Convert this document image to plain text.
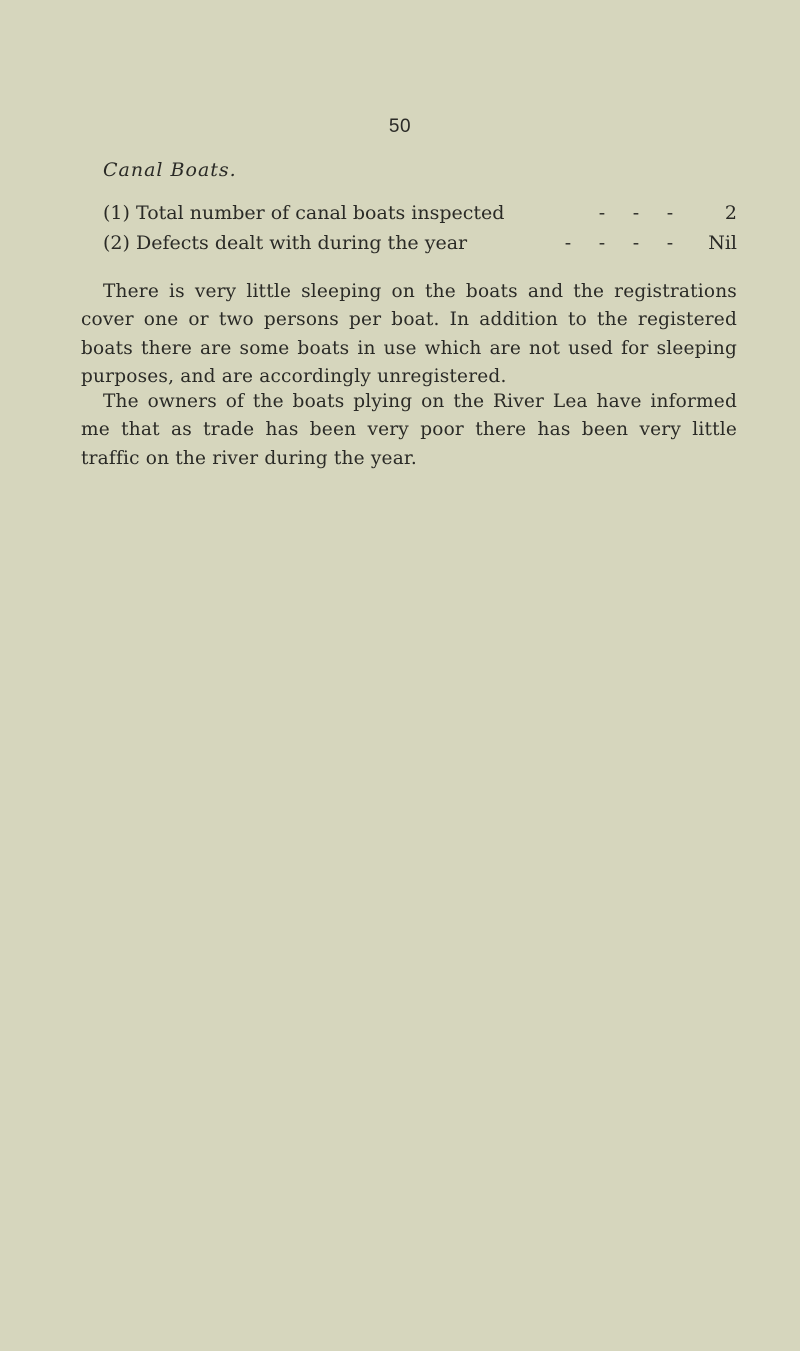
50
Canal Boats.
(1) Total number of canal boats inspected	- - -	2
(2) Defects dealt with during the year	- - - -	Nil

There is very little sleeping on the boats and the registrations cover one or two persons per boat. In addition to the registered boats there are some boats in use which are not used for sleeping purposes, and are accordingly unregistered.

The owners of the boats plying on the River Lea have informed me that as trade has been very poor there has been very little traffic on the river during the year.
